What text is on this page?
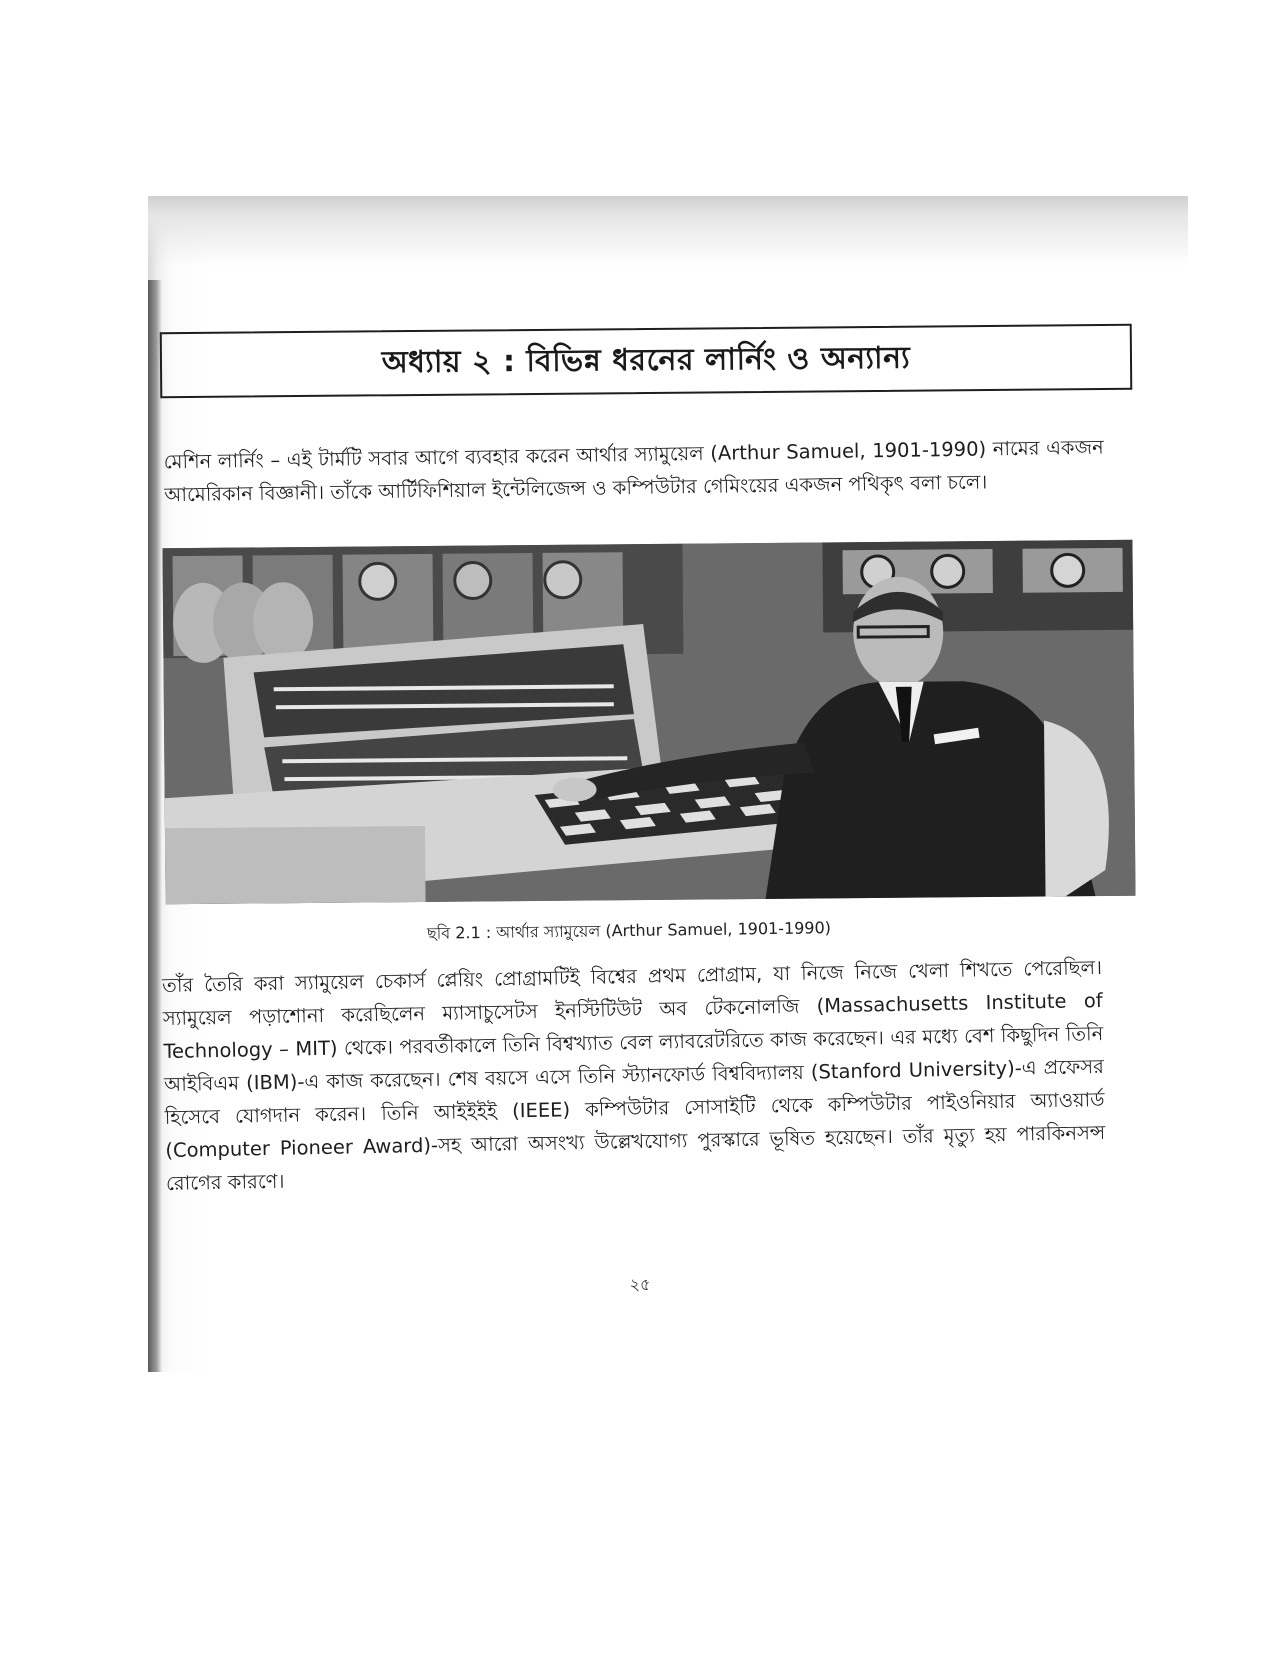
অধ্যায় ২ : বিভিন্ন ধরনের লার্নিং ও অন্যান্য

মেশিন লার্নিং – এই টার্মটি সবার আগে ব্যবহার করেন আর্থার স্যামুয়েল (Arthur Samuel, 1901-1990) নামের একজন আমেরিকান বিজ্ঞানী। তাঁকে আর্টিফিশিয়াল ইন্টেলিজেন্স ও কম্পিউটার গেমিংয়ের একজন পথিকৃৎ বলা চলে।

ছবি 2.1 : আর্থার স্যামুয়েল (Arthur Samuel, 1901-1990)

তাঁর তৈরি করা স্যামুয়েল চেকার্স প্লেয়িং প্রোগ্রামটিই বিশ্বের প্রথম প্রোগ্রাম, যা নিজে নিজে খেলা শিখতে পেরেছিল। স্যামুয়েল পড়াশোনা করেছিলেন ম্যাসাচুসেটস ইনস্টিটিউট অব টেকনোলজি (Massachusetts Institute of Technology – MIT) থেকে। পরবর্তীকালে তিনি বিশ্বখ্যাত বেল ল্যাবরেটরিতে কাজ করেছেন। এর মধ্যে বেশ কিছুদিন তিনি আইবিএম (IBM)-এ কাজ করেছেন। শেষ বয়সে এসে তিনি স্ট্যানফোর্ড বিশ্ববিদ্যালয় (Stanford University)-এ প্রফেসর হিসেবে যোগদান করেন। তিনি আইইইই (IEEE) কম্পিউটার সোসাইটি থেকে কম্পিউটার পাইওনিয়ার অ্যাওয়ার্ড (Computer Pioneer Award)-সহ আরো অসংখ্য উল্লেখযোগ্য পুরস্কারে ভূষিত হয়েছেন। তাঁর মৃত্যু হয় পারকিনসন্স রোগের কারণে।

২৫
